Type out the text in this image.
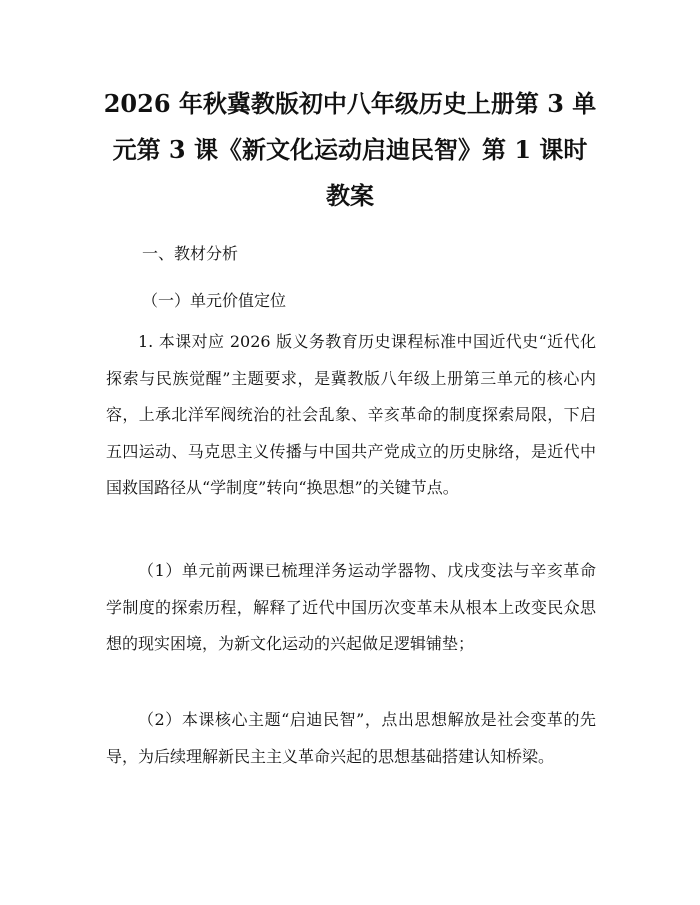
2026 年秋冀教版初中八年级历史上册第 3 单
元第 3 课《新文化运动启迪民智》第 1 课时
教案

一、教材分析

（一）单元价值定位

1. 本课对应 2026 版义务教育历史课程标准中国近代史“近代化探索与民族觉醒”主题要求，是冀教版八年级上册第三单元的核心内容，上承北洋军阀统治的社会乱象、辛亥革命的制度探索局限，下启五四运动、马克思主义传播与中国共产党成立的历史脉络，是近代中国救国路径从“学制度”转向“换思想”的关键节点。

（1）单元前两课已梳理洋务运动学器物、戊戌变法与辛亥革命学制度的探索历程，解释了近代中国历次变革未从根本上改变民众思想的现实困境，为新文化运动的兴起做足逻辑铺垫；

（2）本课核心主题“启迪民智”，点出思想解放是社会变革的先导，为后续理解新民主主义革命兴起的思想基础搭建认知桥梁。
